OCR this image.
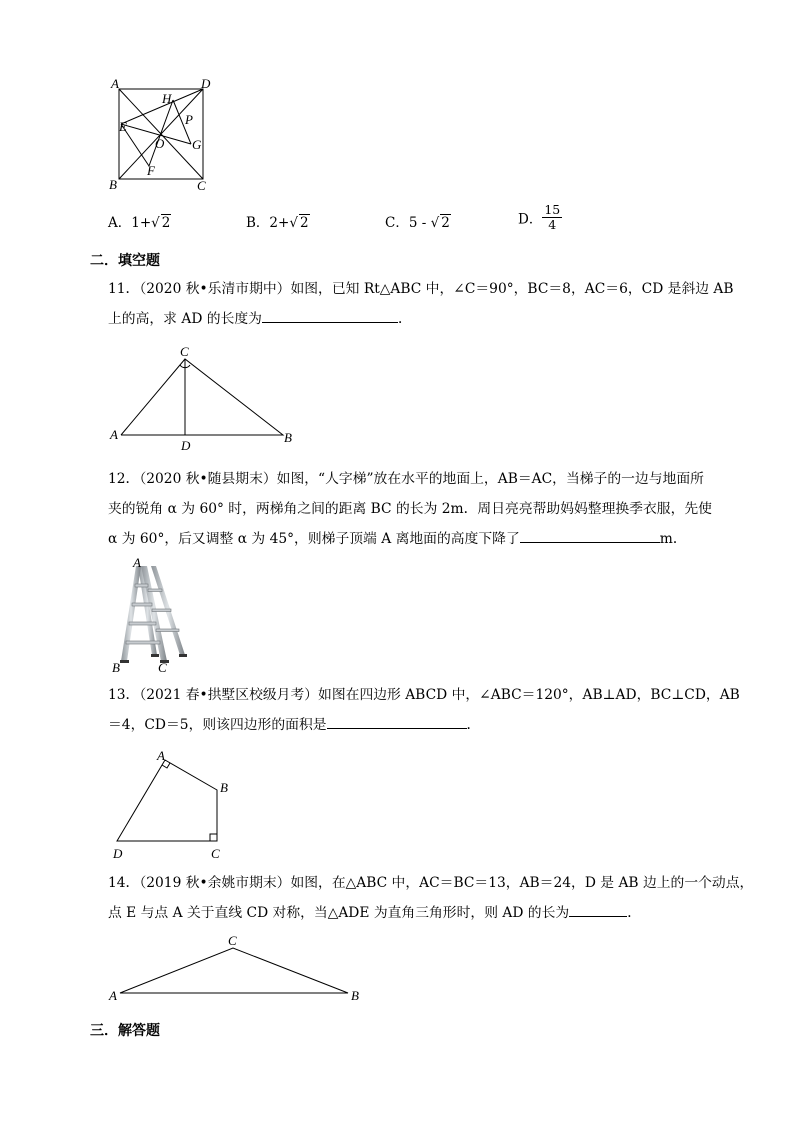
A	D
H
E	P
O G
B
F
C
A．1+√ 2	B．2+√ 2	C．5 - √ 2	D． $\frac{15}{4}$
二．填空题
11．（2020 秋•乐清市期中）如图，已知 Rt△ABC 中，∠C＝90°，BC＝8，AC＝6，CD 是斜边 AB
上的高，求 AD 的长度为	．
C
A
D
B
12．（2020 秋•随县期末）如图，“人字梯”放在水平的地面上，AB＝AC，当梯子的一边与地面所
夹的锐角 α 为 60° 时，两梯角之间的距离 BC 的长为 2m．周日亮亮帮助妈妈整理换季衣服，先使
α 为 60°，后又调整 α 为 45°，则梯子顶端 A 离地面的高度下降了	m．
A
B	C
13．（2021 春•拱墅区校级月考）如图在四边形 ABCD 中，∠ABC＝120°，AB⊥AD，BC⊥CD，AB
＝4，CD＝5，则该四边形的面积是	．
A
B
C
D
14．（2019 秋•余姚市期末）如图，在△ABC 中，AC＝BC＝13，AB＝24，D 是 AB 边上的一个动点，
点 E 与点 A 关于直线 CD 对称，当△ADE 为直角三角形时，则 AD 的长为	．
C
A	B
三．解答题
